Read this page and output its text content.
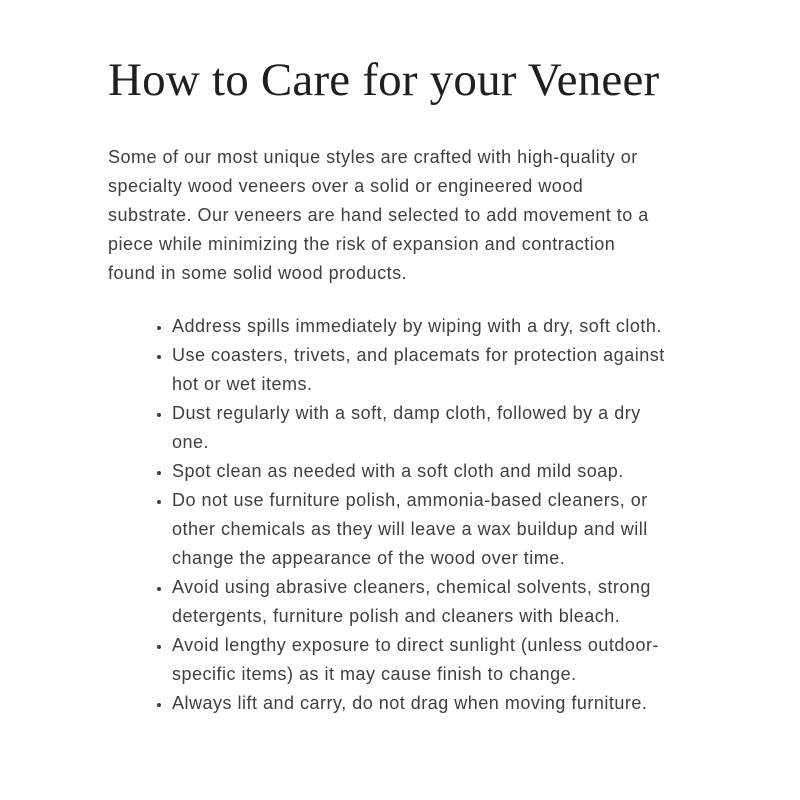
How to Care for your Veneer

Some of our most unique styles are crafted with high-quality or specialty wood veneers over a solid or engineered wood substrate. Our veneers are hand selected to add movement to a piece while minimizing the risk of expansion and contraction found in some solid wood products.

• Address spills immediately by wiping with a dry, soft cloth.
• Use coasters, trivets, and placemats for protection against hot or wet items.
• Dust regularly with a soft, damp cloth, followed by a dry one.
• Spot clean as needed with a soft cloth and mild soap.
• Do not use furniture polish, ammonia-based cleaners, or other chemicals as they will leave a wax buildup and will change the appearance of the wood over time.
• Avoid using abrasive cleaners, chemical solvents, strong detergents, furniture polish and cleaners with bleach.
• Avoid lengthy exposure to direct sunlight (unless outdoor-specific items) as it may cause finish to change.
• Always lift and carry, do not drag when moving furniture.
